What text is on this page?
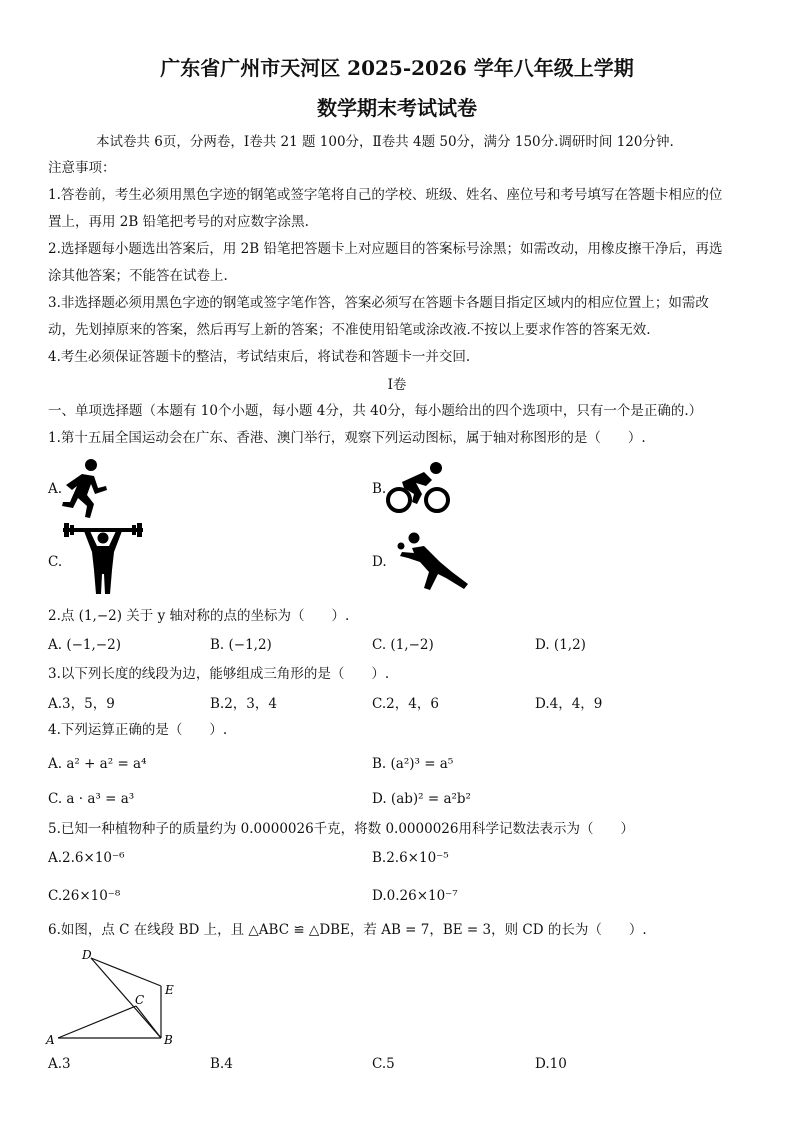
广东省广州市天河区 2025-2026 学年八年级上学期
数学期末考试试卷
本试卷共 6页，分两卷，Ⅰ卷共 21 题 100分，Ⅱ卷共 4题 50分，满分 150分.调研时间 120分钟.
注意事项：
1.答卷前，考生必须用黑色字迹的钢笔或签字笔将自己的学校、班级、姓名、座位号和考号填写在答题卡相应的位
置上，再用 2B 铅笔把考号的对应数字涂黑.
2.选择题每小题选出答案后，用 2B 铅笔把答题卡上对应题目的答案标号涂黑；如需改动，用橡皮擦干净后，再选
涂其他答案；不能答在试卷上.
3.非选择题必须用黑色字迹的钢笔或签字笔作答，答案必须写在答题卡各题目指定区域内的相应位置上；如需改
动，先划掉原来的答案，然后再写上新的答案；不准使用铅笔或涂改液.不按以上要求作答的答案无效.
4.考生必须保证答题卡的整洁，考试结束后，将试卷和答题卡一并交回.
Ⅰ卷
一、单项选择题（本题有 10个小题，每小题 4分，共 40分，每小题给出的四个选项中，只有一个是正确的.）
1.第十五届全国运动会在广东、香港、澳门举行，观察下列运动图标，属于轴对称图形的是（　　）.
A.	B.
C.	D.
2.点 (1,−2) 关于 y 轴对称的点的坐标为（　　）.
A. (−1,−2)	B. (−1,2)	C. (1,−2)	D. (1,2)
3.以下列长度的线段为边，能够组成三角形的是（　　）.
A.3，5，9	B.2，3，4	C.2，4，6	D.4，4，9
4.下列运算正确的是（　　）.
A. a² + a² = a⁴	B. (a²)³ = a⁵
C. a · a³ = a³	D. (ab)² = a²b²
5.已知一种植物种子的质量约为 0.0000026千克，将数 0.0000026用科学记数法表示为（　　）
A.2.6×10⁻⁶	B.2.6×10⁻⁵
C.26×10⁻⁸	D.0.26×10⁻⁷
6.如图，点 C 在线段 BD 上，且 △ABC ≌ △DBE，若 AB = 7，BE = 3，则 CD 的长为（　　）.
D
E
C
A	B
A.3	B.4	C.5	D.10
